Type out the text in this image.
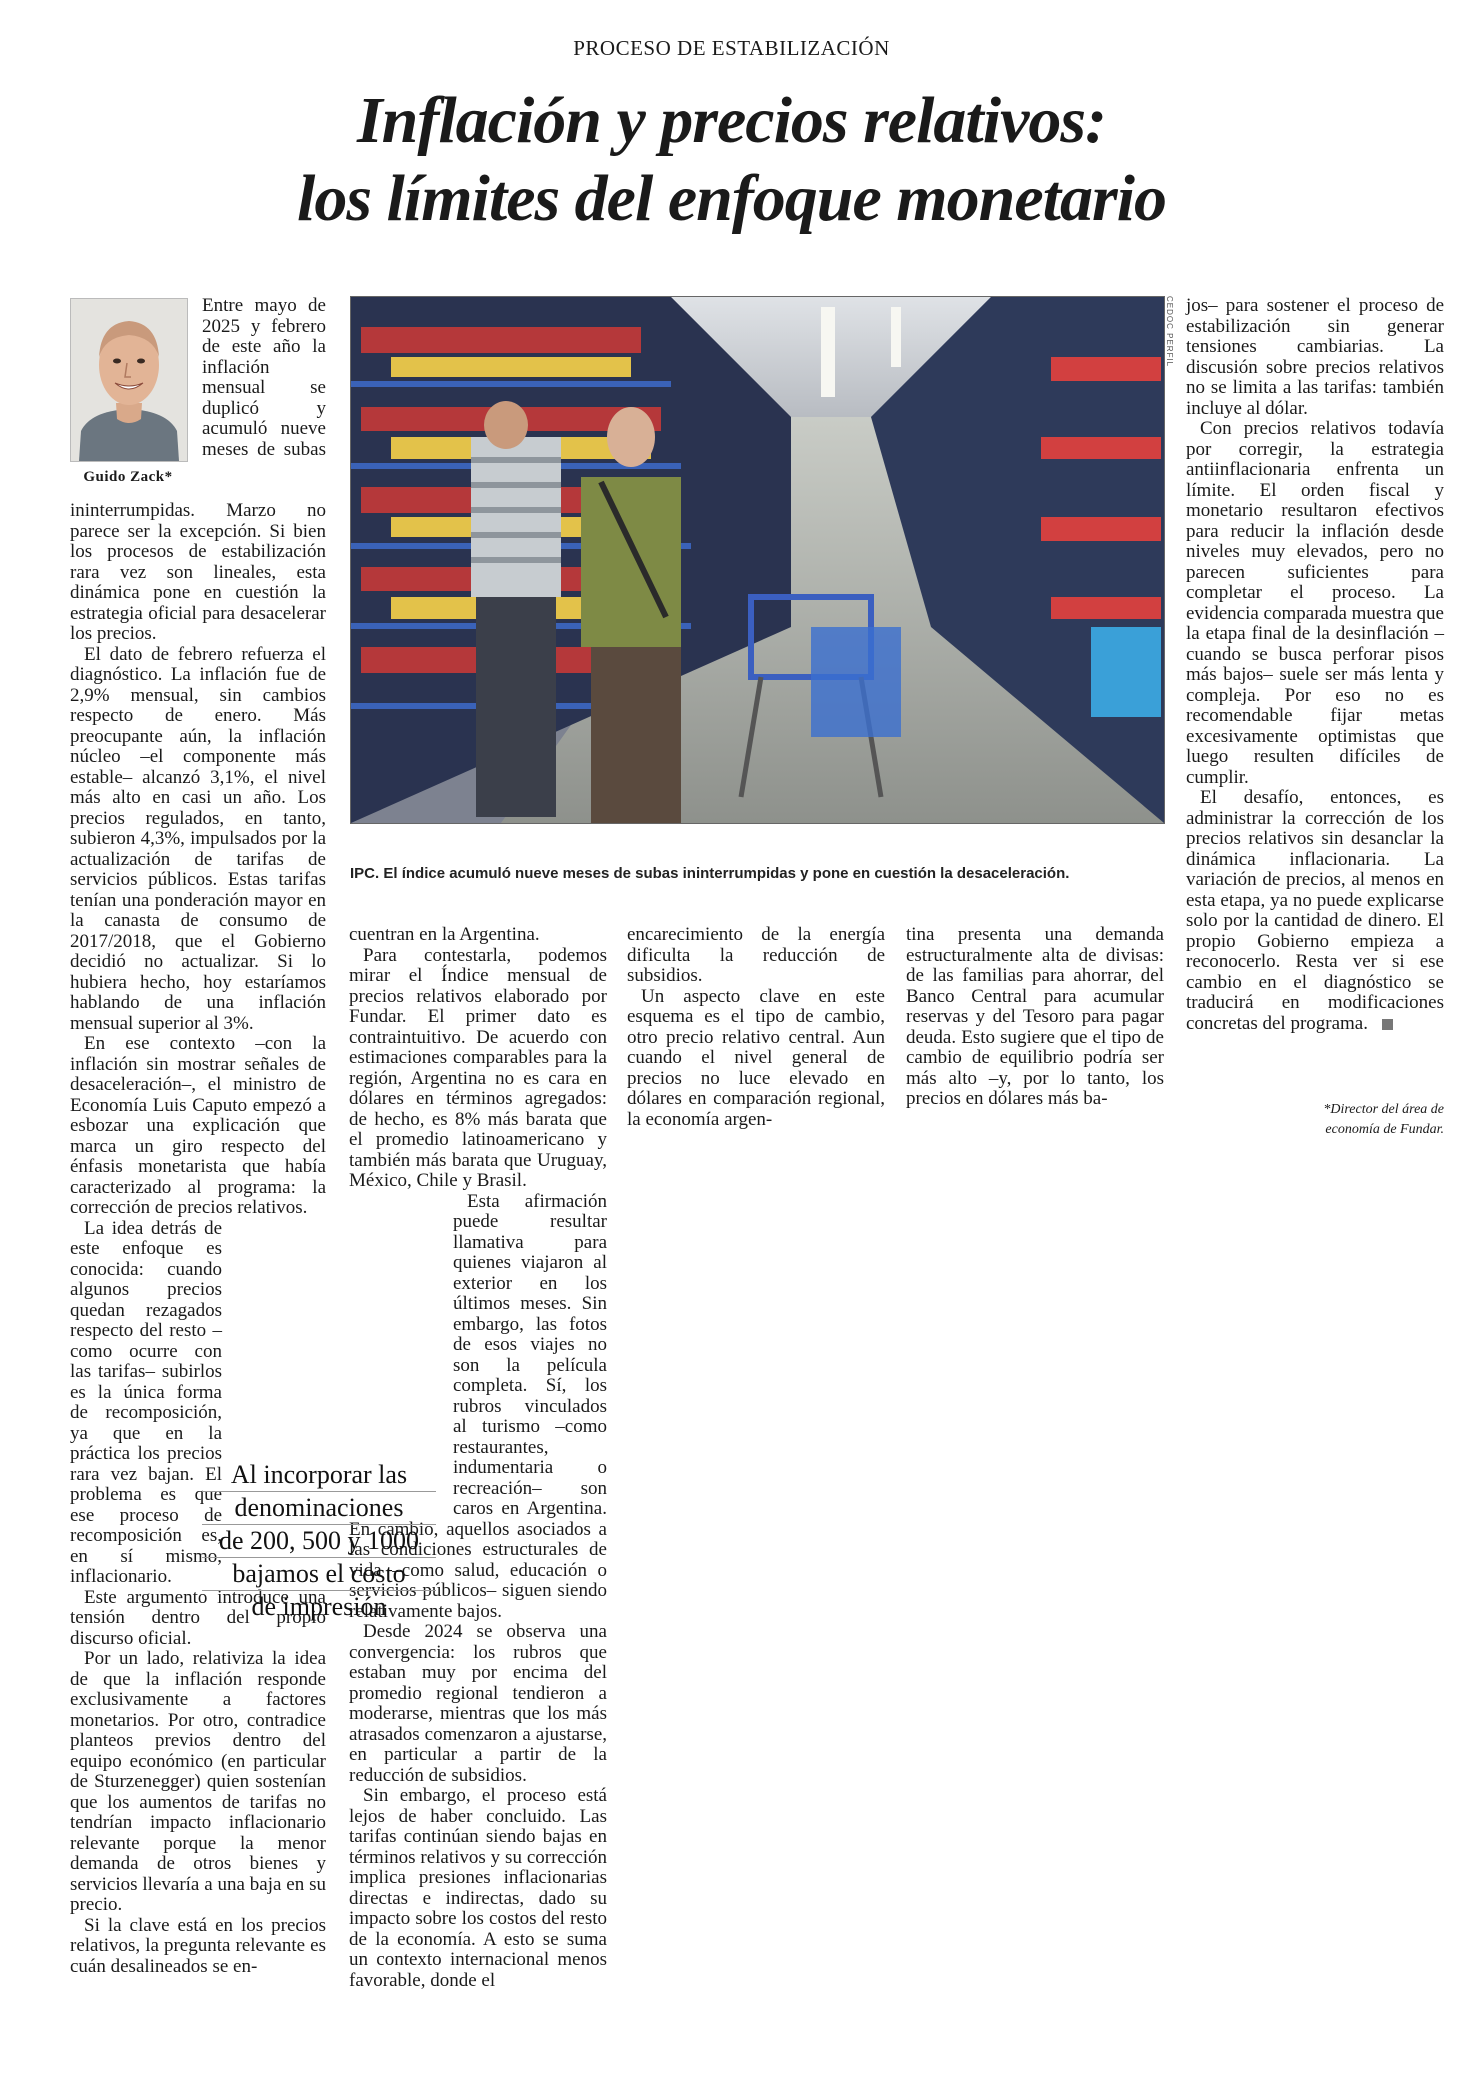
PROCESO DE ESTABILIZACIÓN
Inflación y precios relativos:
los límites del enfoque monetario
Guido Zack*
CEDOC PERFIL
IPC. El índice acumuló nueve meses de subas ininterrumpidas y pone en cuestión la desaceleración.

Entre mayo de 2025 y febrero de este año la inflación mensual se duplicó y acumuló nueve meses de subas ininterrumpidas. Marzo no parece ser la excepción. Si bien los procesos de estabilización rara vez son lineales, esta dinámica pone en cuestión la estrategia oficial para desacelerar los precios.

El dato de febrero refuerza el diagnóstico. La inflación fue de 2,9% mensual, sin cambios respecto de enero. Más preocupante aún, la inflación núcleo –el componente más estable– alcanzó 3,1%, el nivel más alto en casi un año. Los precios regulados, en tanto, subieron 4,3%, impulsados por la actualización de tarifas de servicios públicos. Estas tarifas tenían una ponderación mayor en la canasta de consumo de 2017/2018, que el Gobierno decidió no actualizar. Si lo hubiera hecho, hoy estaríamos hablando de una inflación mensual superior al 3%.

En ese contexto –con la inflación sin mostrar señales de desaceleración–, el ministro de Economía Luis Caputo empezó a esbozar una explicación que marca un giro respecto del énfasis monetarista que había caracterizado al programa: la corrección de precios relativos.

La idea detrás de este enfoque es conocida: cuando algunos precios quedan rezagados respecto del resto –como ocurre con las tarifas– subirlos es la única forma de recomposición, ya que en la práctica los precios rara vez bajan. El problema es que ese proceso de recomposición es, en sí mismo, inflacionario.

Este argumento introduce una tensión dentro del propio discurso oficial.

Por un lado, relativiza la idea de que la inflación responde exclusivamente a factores monetarios. Por otro, contradice planteos previos dentro del equipo económico (en particular de Sturzenegger) quien sostenían que los aumentos de tarifas no tendrían impacto inflacionario relevante porque la menor demanda de otros bienes y servicios llevaría a una baja en su precio.

Si la clave está en los precios relativos, la pregunta relevante es cuán desalineados se en-

cuentran en la Argentina.

Para contestarla, podemos mirar el Índice mensual de precios relativos elaborado por Fundar. El primer dato es contraintuitivo. De acuerdo con estimaciones comparables para la región, Argentina no es cara en dólares en términos agregados: de hecho, es 8% más barata que el promedio latinoamericano y también más barata que Uruguay, México, Chile y Brasil.

Esta afirmación puede resultar llamativa para quienes viajaron al exterior en los últimos meses. Sin embargo, las fotos de esos viajes no son la película completa. Sí, los rubros vinculados al turismo –como restaurantes, indumentaria o recreación– son caros en Argentina. En cambio, aquellos asociados a las condiciones estructurales de vida –como salud, educación o servicios públicos– siguen siendo relativamente bajos.

Desde 2024 se observa una convergencia: los rubros que estaban muy por encima del promedio regional tendieron a moderarse, mientras que los más atrasados comenzaron a ajustarse, en particular a partir de la reducción de subsidios.

Sin embargo, el proceso está lejos de haber concluido. Las tarifas continúan siendo bajas en términos relativos y su corrección implica presiones inflacionarias directas e indirectas, dado su impacto sobre los costos del resto de la economía. A esto se suma un contexto internacional menos favorable, donde el

encarecimiento de la energía dificulta la reducción de subsidios.

Un aspecto clave en este esquema es el tipo de cambio, otro precio relativo central. Aun cuando el nivel general de precios no luce elevado en dólares en comparación regional, la economía argen-

tina presenta una demanda estructuralmente alta de divisas: de las familias para ahorrar, del Banco Central para acumular reservas y del Tesoro para pagar deuda. Esto sugiere que el tipo de cambio de equilibrio podría ser más alto –y, por lo tanto, los precios en dólares más ba-

jos– para sostener el proceso de estabilización sin generar tensiones cambiarias. La discusión sobre precios relativos no se limita a las tarifas: también incluye al dólar.

Con precios relativos todavía por corregir, la estrategia antiinflacionaria enfrenta un límite. El orden fiscal y monetario resultaron efectivos para reducir la inflación desde niveles muy elevados, pero no parecen suficientes para completar el proceso. La evidencia comparada muestra que la etapa final de la desinflación –cuando se busca perforar pisos más bajos– suele ser más lenta y compleja. Por eso no es recomendable fijar metas excesivamente optimistas que luego resulten difíciles de cumplir.

El desafío, entonces, es administrar la corrección de los precios relativos sin desanclar la dinámica inflacionaria. La variación de precios, al menos en esta etapa, ya no puede explicarse solo por la cantidad de dinero. El propio Gobierno empieza a reconocerlo. Resta ver si ese cambio en el diagnóstico se traducirá en modificaciones concretas del programa.

*Director del área de
economía de Fundar.
Al incorporar las
denominaciones
de 200, 500 y 1000
bajamos el costo
de impresión
